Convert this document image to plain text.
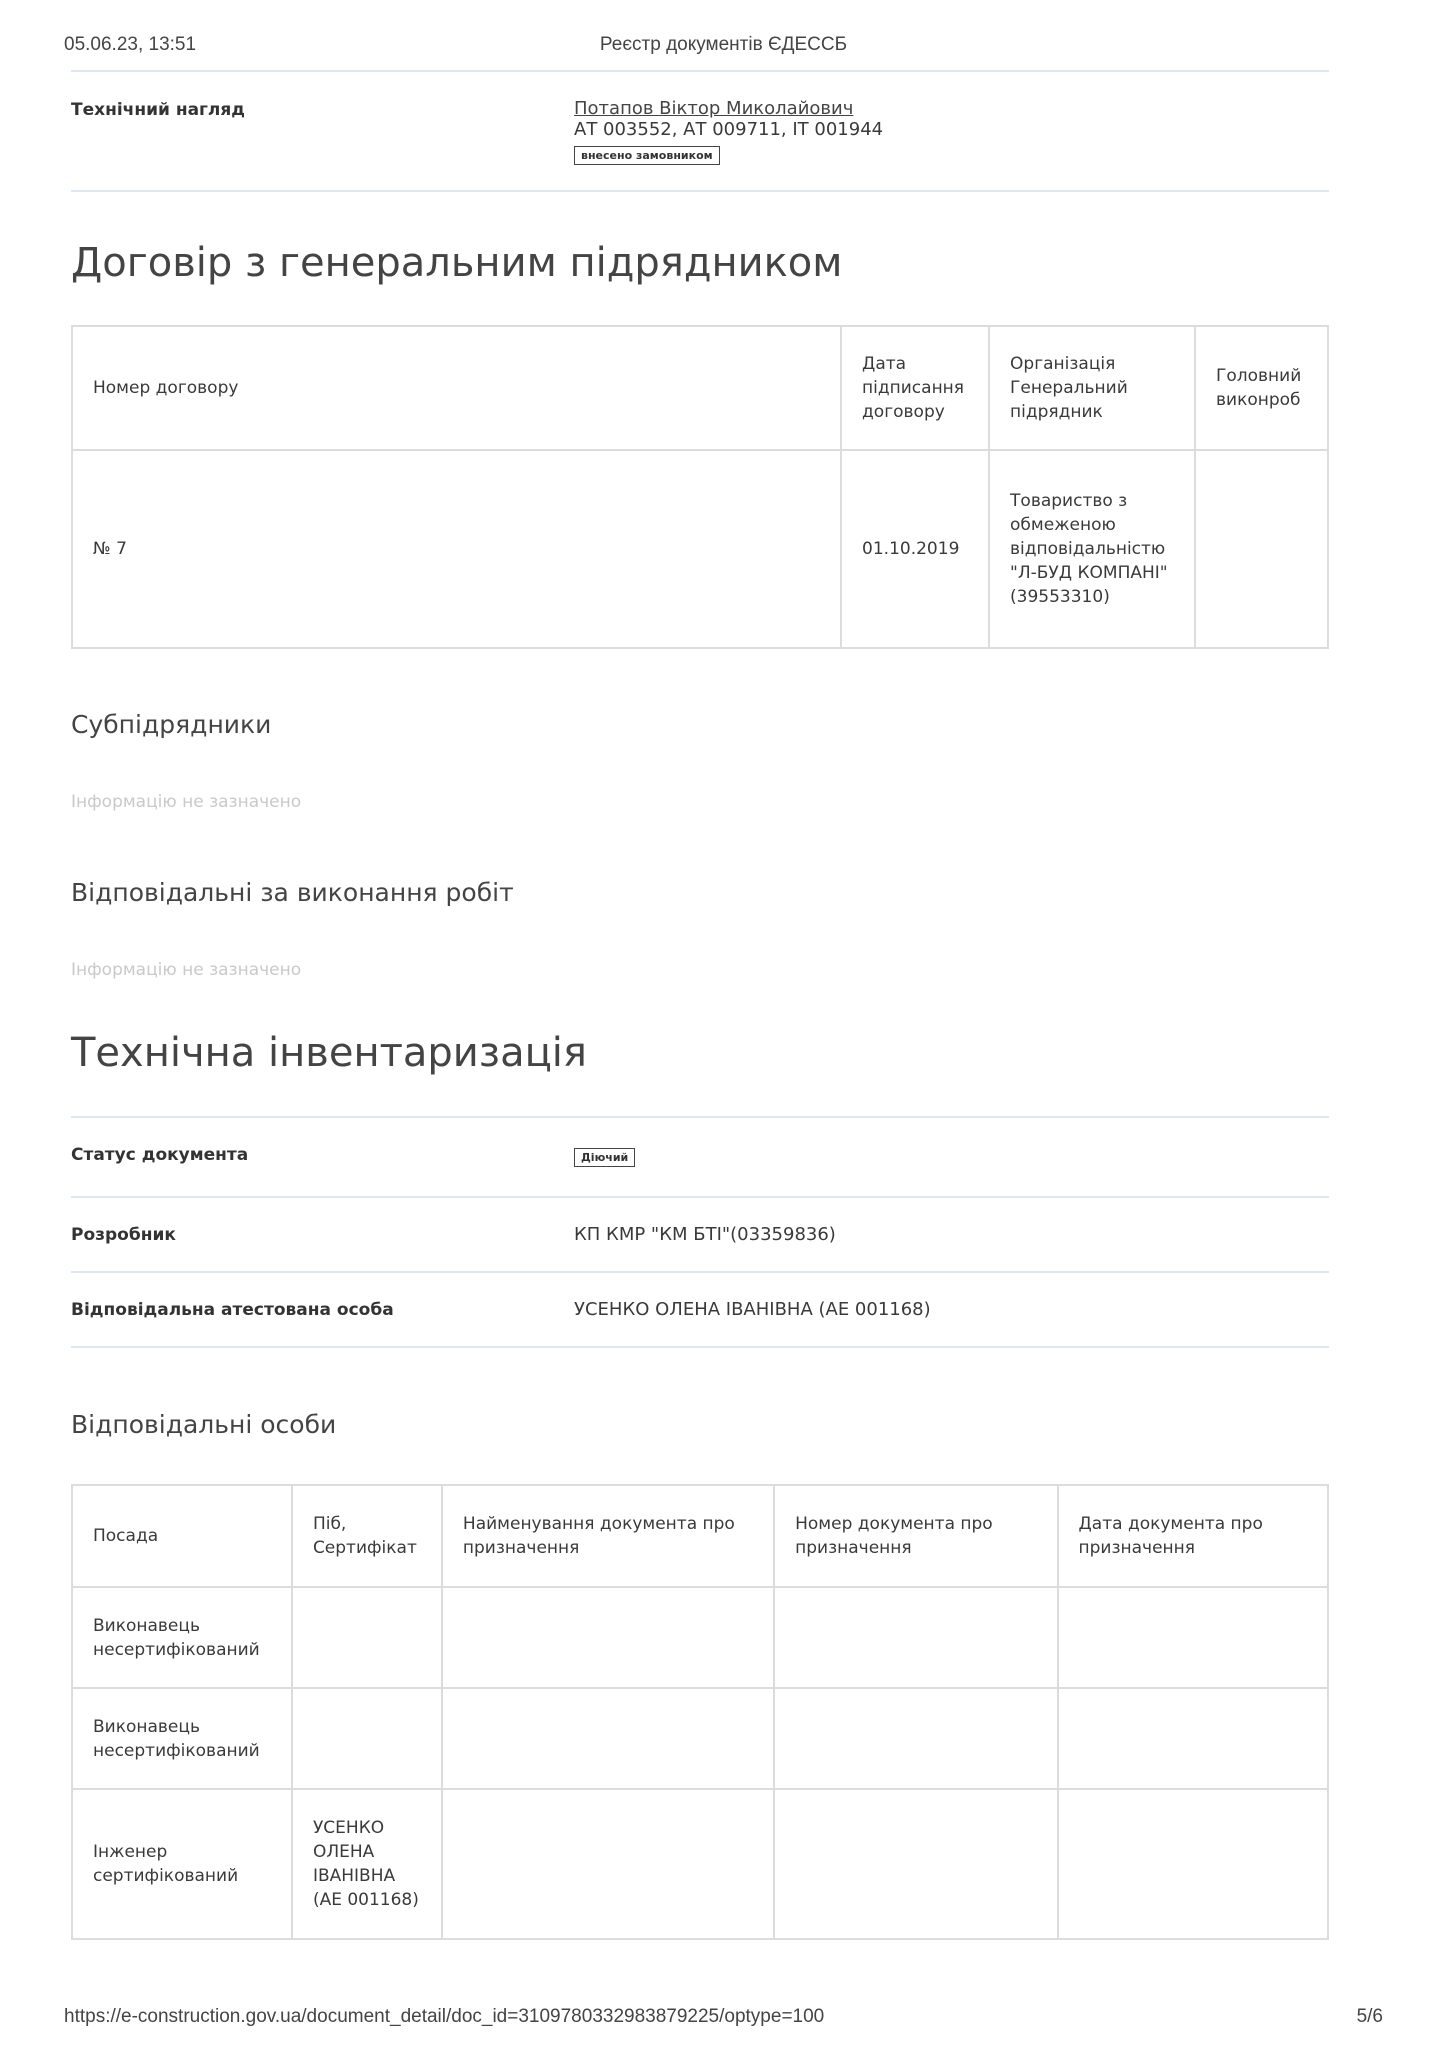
05.06.23, 13:51	Реєстр документів ЄДЕССБ
Технічний нагляд	Потапов Віктор Миколайович
АТ 003552, АТ 009711, ІТ 001944
внесено замовником
Договір з генеральним підрядником
Номер договору	Дата підписання договору	Організація Генеральний підрядник	Головний виконроб
№ 7	01.10.2019	Товариство з обмеженою відповідальністю "Л-БУД КОМПАНІ" (39553310)	
Субпідрядники
Інформацію не зазначено
Відповідальні за виконання робіт
Інформацію не зазначено
Технічна інвентаризація
Статус документа	Діючий
Розробник	КП КМР "КМ БТІ"(03359836)
Відповідальна атестована особа	УСЕНКО ОЛЕНА ІВАНІВНА (АЕ 001168)
Відповідальні особи
Посада	Піб, Сертифікат	Найменування документа про призначення	Номер документа про призначення	Дата документа про призначення
Виконавець несертифікований				
Виконавець несертифікований				
Інженер сертифікований	УСЕНКО ОЛЕНА ІВАНІВНА (АЕ 001168)			
https://e-construction.gov.ua/document_detail/doc_id=3109780332983879225/optype=100	5/6
